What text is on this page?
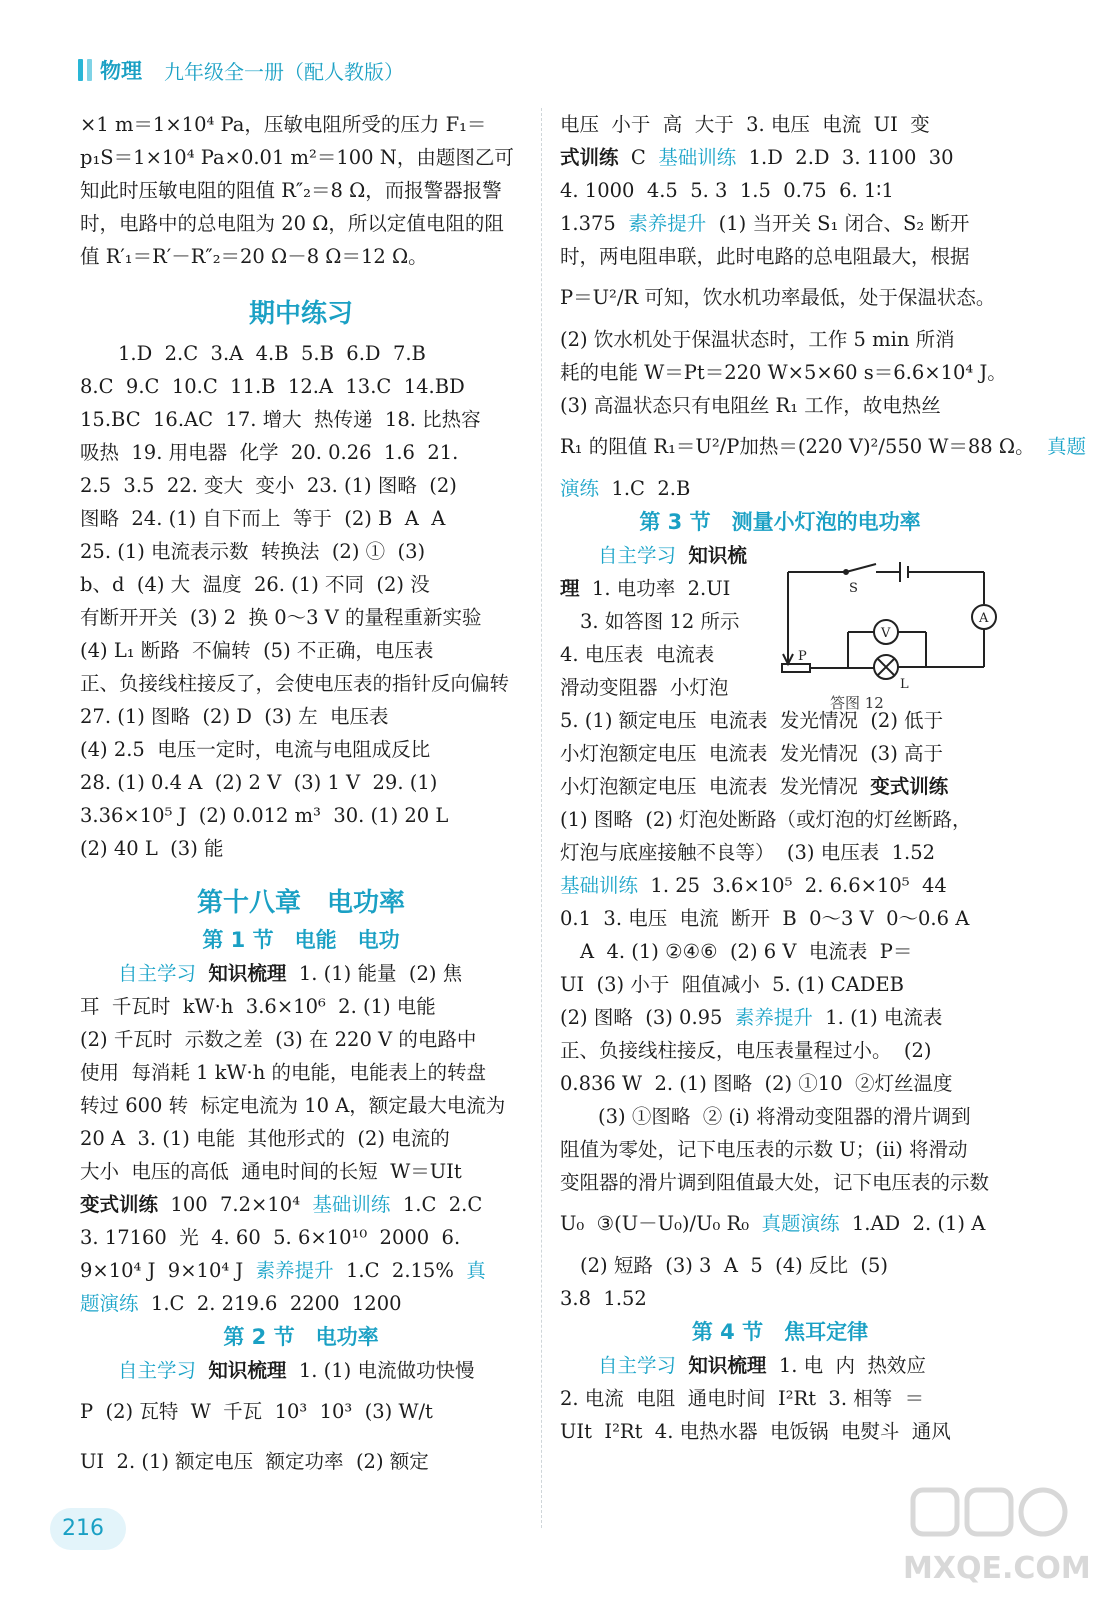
物理 九年级全一册（配人教版）
×1 m＝1×10⁴ Pa，压敏电阻所受的压力 F₁＝
p₁S＝1×10⁴ Pa×0.01 m²＝100 N，由题图乙可
知此时压敏电阻的阻值 R″₂＝8 Ω，而报警器报警
时，电路中的总电阻为 20 Ω，所以定值电阻的阻
值 R′₁＝R′－R″₂＝20 Ω－8 Ω＝12 Ω。
期中练习
1.D  2.C  3.A  4.B  5.B  6.D  7.B
8.C  9.C  10.C  11.B  12.A  13.C  14.BD
15.BC  16.AC  17. 增大  热传递  18. 比热容
吸热  19. 用电器  化学  20. 0.26  1.6  21.
2.5  3.5  22. 变大  变小  23. (1) 图略  (2)
图略  24. (1) 自下而上  等于  (2) B  A  A
25. (1) 电流表示数  转换法  (2) ①  (3)
b、d  (4) 大  温度  26. (1) 不同  (2) 没
有断开开关  (3) 2  换 0～3 V 的量程重新实验
(4) L₁ 断路  不偏转  (5) 不正确，电压表
正、负接线柱接反了，会使电压表的指针反向偏转
27. (1) 图略  (2) D  (3) 左  电压表
(4) 2.5  电压一定时，电流与电阻成反比
28. (1) 0.4 A  (2) 2 V  (3) 1 V  29. (1)
3.36×10⁵ J  (2) 0.012 m³  30. (1) 20 L
(2) 40 L  (3) 能
第十八章　电功率
第 1 节　电能　电功
自主学习 知识梳理  1. (1) 能量  (2) 焦
耳  千瓦时  kW·h  3.6×10⁶  2. (1) 电能
(2) 千瓦时  示数之差  (3) 在 220 V 的电路中
使用  每消耗 1 kW·h 的电能，电能表上的转盘
转过 600 转  标定电流为 10 A，额定最大电流为
20 A  3. (1) 电能  其他形式的  (2) 电流的
大小  电压的高低  通电时间的长短  W＝UIt
变式训练  100  7.2×10⁴  基础训练  1.C  2.C
3. 17160  光  4. 60  5. 6×10¹⁰  2000  6.
9×10⁴ J  9×10⁴ J  素养提升  1.C  2.15%  真
题演练  1.C  2. 219.6  2200  1200
第 2 节　电功率
自主学习 知识梳理  1. (1) 电流做功快慢
P  (2) 瓦特  W  千瓦  10³  10³  (3) W/t
UI  2. (1) 额定电压  额定功率  (2) 额定
电压  小于  高  大于  3. 电压  电流  UI  变
式训练  C  基础训练  1.D  2.D  3. 1100  30
4. 1000  4.5  5. 3  1.5  0.75  6. 1∶1
1.375  素养提升  (1) 当开关 S₁ 闭合、S₂ 断开
时，两电阻串联，此时电路的总电阻最大，根据
P＝U²/R 可知，饮水机功率最低，处于保温状态。
(2) 饮水机处于保温状态时，工作 5 min 所消
耗的电能 W＝Pt＝220 W×5×60 s＝6.6×10⁴ J。
(3) 高温状态只有电阻丝 R₁ 工作，故电热丝
R₁ 的阻值 R₁＝U²/P加热＝(220 V)²/550 W＝88 Ω。 真题
演练  1.C  2.B
第 3 节　测量小灯泡的电功率
自主学习 知识梳
理  1. 电功率  2.UI
3. 如答图 12 所示
4. 电压表  电流表
滑动变阻器  小灯泡
5. (1) 额定电压  电流表  发光情况  (2) 低于
小灯泡额定电压  电流表  发光情况  (3) 高于
小灯泡额定电压  电流表  发光情况  变式训练
(1) 图略  (2) 灯泡处断路（或灯泡的灯丝断路，
灯泡与底座接触不良等）  (3) 电压表  1.52
基础训练  1. 25  3.6×10⁵  2. 6.6×10⁵  44
0.1  3. 电压  电流  断开  B  0～3 V  0～0.6 A
A  4. (1) ②④⑥  (2) 6 V  电流表  P＝
UI  (3) 小于  阻值减小  5. (1) CADEB
(2) 图略  (3) 0.95  素养提升  1. (1) 电流表
正、负接线柱接反，电压表量程过小。  (2)
0.836 W  2. (1) 图略  (2) ①10  ②灯丝温度
(3) ①图略  ② (i) 将滑动变阻器的滑片调到
阻值为零处，记下电压表的示数 U；(ii) 将滑动
变阻器的滑片调到阻值最大处，记下电压表的示数
U₀  ③(U－U₀)/U₀ R₀  真题演练  1.AD  2. (1) A
(2) 短路  (3) 3  A  5  (4) 反比  (5)
3.8  1.52
第 4 节　焦耳定律
自主学习 知识梳理  1. 电  内  热效应
2. 电流  电阻  通电时间  I²Rt  3. 相等  ＝
UIt  I²Rt  4. 电热水器  电饭锅  电熨斗  通风
S
A
V
P
L
答图 12
216
MXQE.COM
